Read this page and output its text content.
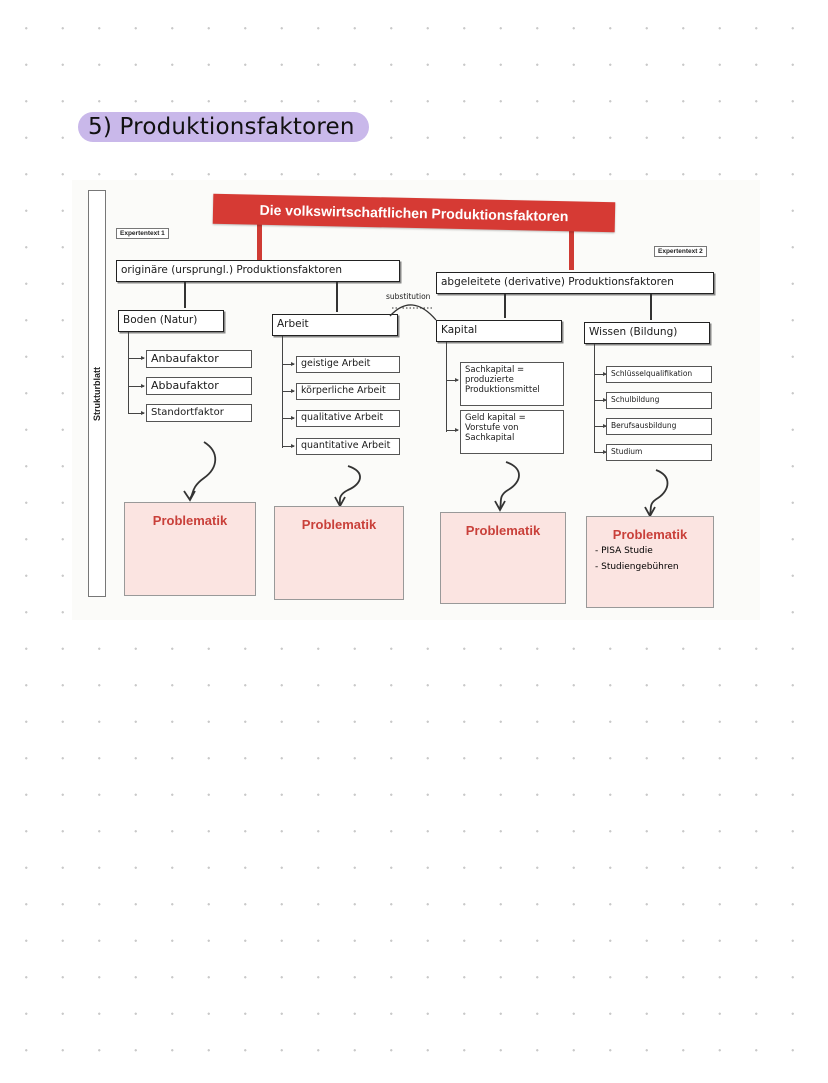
5) Produktionsfaktoren
Strukturblatt
Die volkswirtschaftlichen Produktionsfaktoren
Expertentext 1
Expertentext 2
originäre (ursprungl.) Produktionsfaktoren
abgeleitete (derivative) Produktionsfaktoren
substitution
Boden (Natur)	Arbeit	Kapital	Wissen (Bildung)
Anbaufaktor
Abbaufaktor
Standortfaktor
geistige Arbeit
körperliche Arbeit
qualitative Arbeit
quantitative Arbeit
Sachkapital = produzierte Produktionsmittel
Geld kapital = Vorstufe von Sachkapital
Schlüsselqualifikation
Schulbildung
Berufsausbildung
Studium
Problematik	Problematik	Problematik	Problematik
- PISA Studie
- Studiengebühren
